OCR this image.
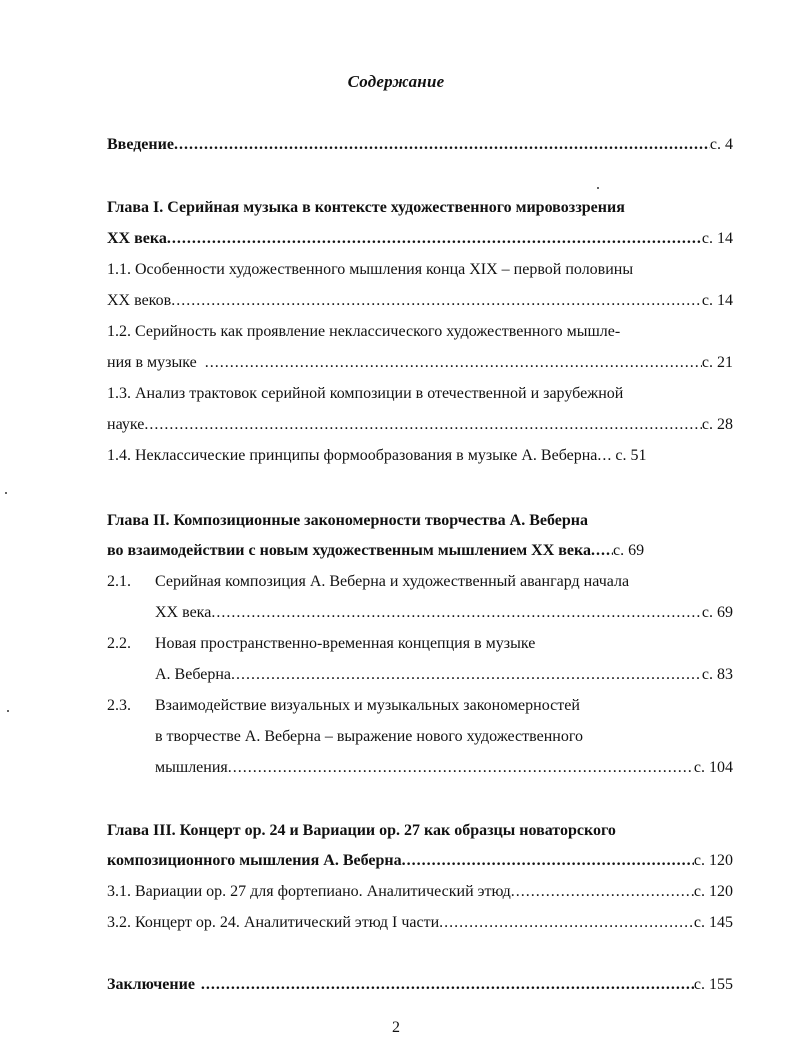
Содержание
Введение .....	с. 4
Глава I. Серийная музыка в контексте художественного мировоззрения
XX века .....	с. 14
1.1. Особенности художественного мышления конца XIX – первой половины
XX веков .....	с. 14
1.2. Серийность как проявление неклассического художественного мышле-
ния в музыке .....	с. 21
1.3. Анализ трактовок серийной композиции в отечественной и зарубежной
науке .....	с. 28
1.4. Неклассические принципы формообразования в музыке А. Веберна ..... с. 51
Глава II. Композиционные закономерности творчества А. Веберна
во взаимодействии с новым художественным мышлением XX века ..... с. 69
2.1. Серийная композиция А. Веберна и художественный авангард начала
XX века .....	с. 69
2.2. Новая пространственно-временная концепция в музыке
А. Веберна .....	с. 83
2.3. Взаимодействие визуальных и музыкальных закономерностей
в творчестве А. Веберна – выражение нового художественного
мышления .....	с. 104
Глава III. Концерт ор. 24 и Вариации ор. 27 как образцы новаторского
композиционного мышления А. Веберна .....	с. 120
3.1. Вариации ор. 27 для фортепиано. Аналитический этюд .....	с. 120
3.2. Концерт ор. 24. Аналитический этюд I части .....	с. 145
Заключение .....	с. 155
2
